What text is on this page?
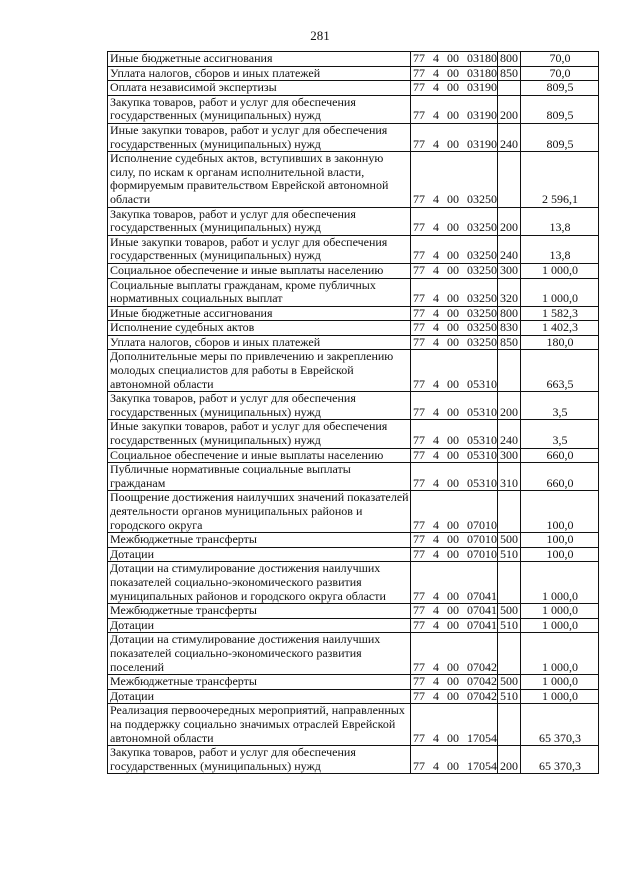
281
Иные бюджетные ассигнования	77  4  00  03180	800	70,0
Уплата налогов, сборов и иных платежей	77  4  00  03180	850	70,0
Оплата независимой экспертизы	77  4  00  03190		809,5
Закупка товаров, работ и услуг для обеспечения государственных (муниципальных) нужд	77  4  00  03190	200	809,5
Иные закупки товаров, работ и услуг для обеспечения государственных (муниципальных) нужд	77  4  00  03190	240	809,5
Исполнение судебных актов, вступивших в законную силу, по искам к органам исполнительной власти, формируемым правительством Еврейской автономной области	77  4  00  03250		2 596,1
Закупка товаров, работ и услуг для обеспечения государственных (муниципальных) нужд	77  4  00  03250	200	13,8
Иные закупки товаров, работ и услуг для обеспечения государственных (муниципальных) нужд	77  4  00  03250	240	13,8
Социальное обеспечение и иные выплаты населению	77  4  00  03250	300	1 000,0
Социальные выплаты гражданам, кроме публичных нормативных социальных выплат	77  4  00  03250	320	1 000,0
Иные бюджетные ассигнования	77  4  00  03250	800	1 582,3
Исполнение судебных актов	77  4  00  03250	830	1 402,3
Уплата налогов, сборов и иных платежей	77  4  00  03250	850	180,0
Дополнительные меры по привлечению и закреплению молодых специалистов для работы в Еврейской автономной области	77  4  00  05310		663,5
Закупка товаров, работ и услуг для обеспечения государственных (муниципальных) нужд	77  4  00  05310	200	3,5
Иные закупки товаров, работ и услуг для обеспечения государственных (муниципальных) нужд	77  4  00  05310	240	3,5
Социальное обеспечение и иные выплаты населению	77  4  00  05310	300	660,0
Публичные нормативные социальные выплаты гражданам	77  4  00  05310	310	660,0
Поощрение достижения наилучших значений показателей деятельности органов муниципальных районов и городского округа	77  4  00  07010		100,0
Межбюджетные трансферты	77  4  00  07010	500	100,0
Дотации	77  4  00  07010	510	100,0
Дотации на стимулирование достижения наилучших показателей социально-экономического развития муниципальных районов и городского округа области	77  4  00  07041		1 000,0
Межбюджетные трансферты	77  4  00  07041	500	1 000,0
Дотации	77  4  00  07041	510	1 000,0
Дотации на стимулирование достижения наилучших показателей социально-экономического развития поселений	77  4  00  07042		1 000,0
Межбюджетные трансферты	77  4  00  07042	500	1 000,0
Дотации	77  4  00  07042	510	1 000,0
Реализация первоочередных мероприятий, направленных на поддержку социально значимых отраслей Еврейской автономной области	77  4  00  17054		65 370,3
Закупка товаров, работ и услуг для обеспечения государственных (муниципальных) нужд	77  4  00  17054	200	65 370,3
